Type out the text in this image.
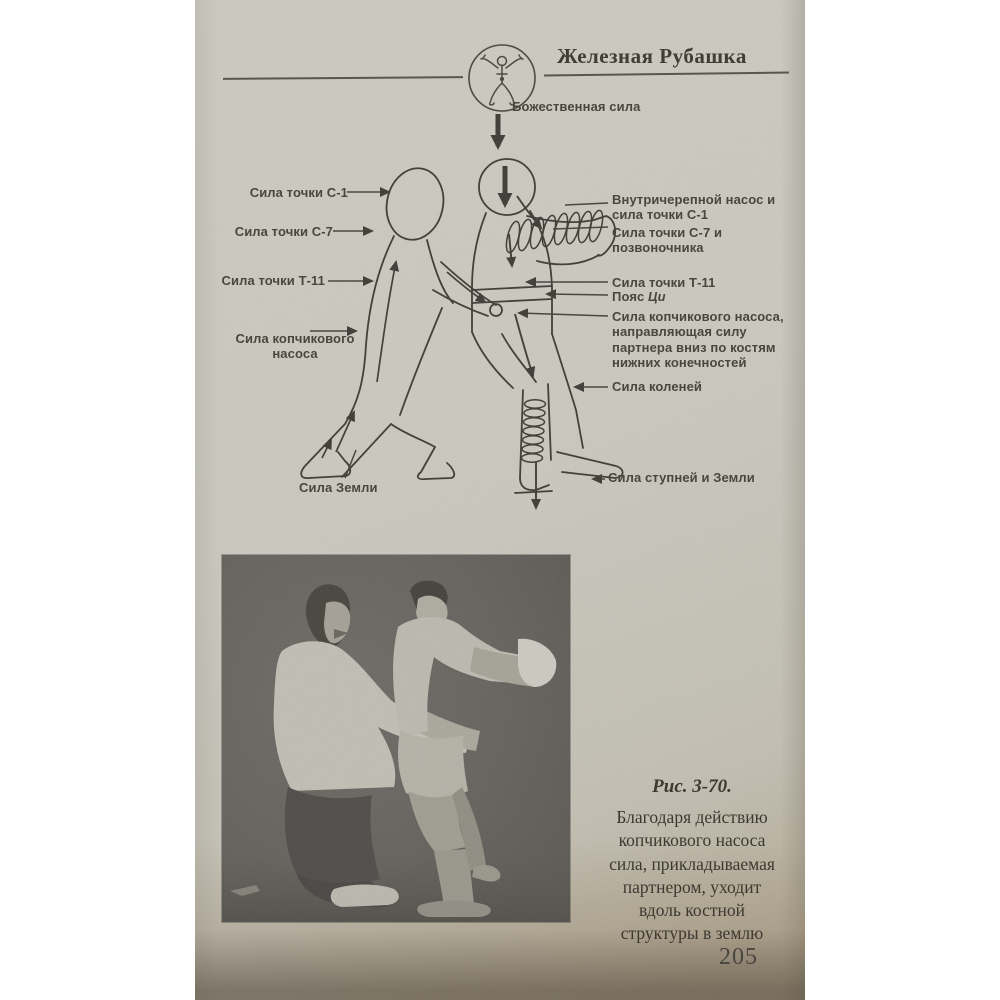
Железная Рубашка
Божественная сила
Сила точки С-1
Сила точки С-7
Сила точки Т-11
Сила копчикового насоса
Сила Земли
Внутричерепной насос и сила точки С-1
Сила точки С-7 и позвоночника
Сила точки Т-11
Пояс Ци
Сила копчикового насоса, направляющая силу партнера вниз по костям нижних конечностей
Сила коленей
Сила ступней и Земли
Рис. 3-70.
Благодаря действию
копчикового насоса
сила, прикладываемая
партнером, уходит
вдоль костной
структуры в землю
205
